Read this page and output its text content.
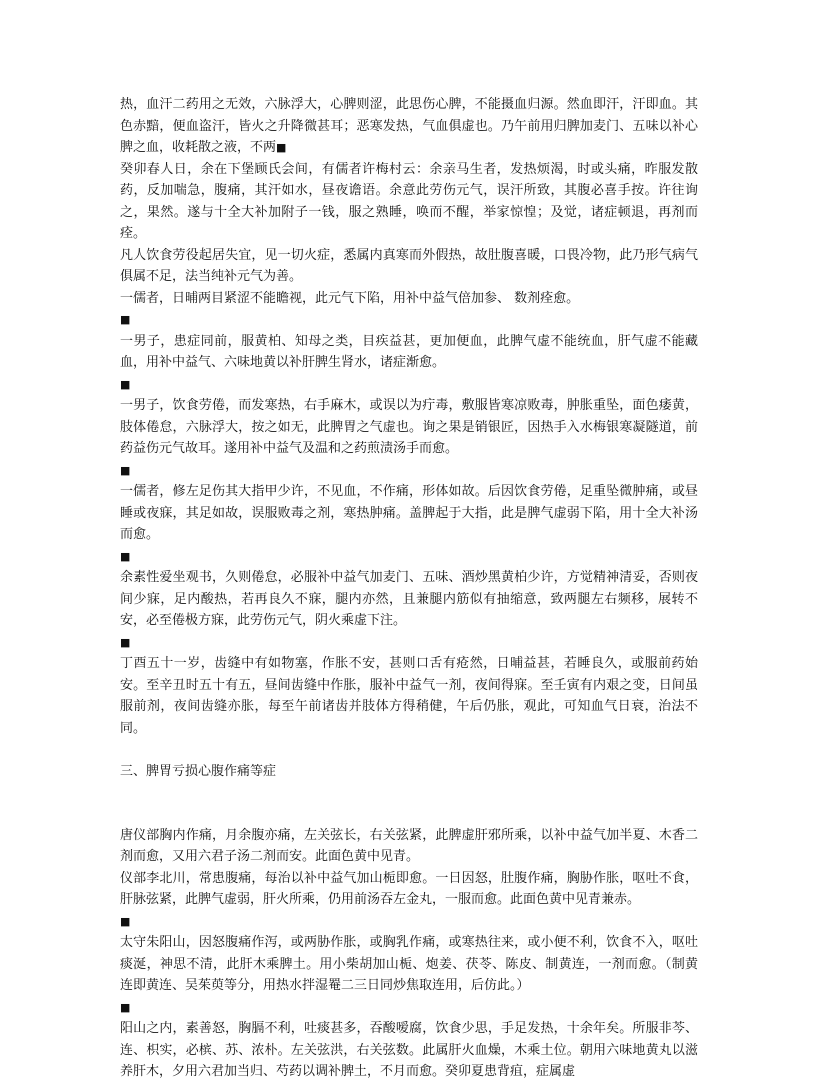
热，血汗二药用之无效，六脉浮大，心脾则涩，此思伤心脾，不能摄血归源。然血即汗，汗即血。其色赤黯，便血盗汗，皆火之升降微甚耳；恶寒发热，气血俱虚也。乃午前用归脾加麦门、五味以补心脾之血，收耗散之液，不两■

癸卯春人日，余在下堡顾氏会间，有儒者许梅村云：余亲马生者，发热烦渴，时或头痛，昨服发散药，反加喘急，腹痛，其汗如水，昼夜谵语。余意此劳伤元气，误汗所致，其腹必喜手按。许往询之，果然。遂与十全大补加附子一钱，服之熟睡，唤而不醒，举家惊惶；及觉，诸症顿退，再剂而痊。

凡人饮食劳役起居失宜，见一切火症，悉属内真寒而外假热，故肚腹喜暖，口畏冷物，此乃形气病气俱属不足，法当纯补元气为善。

一儒者，日晡两目紧涩不能瞻视，此元气下陷，用补中益气倍加参、 数剂痊愈。

■

一男子，患症同前，服黄柏、知母之类，目疾益甚，更加便血，此脾气虚不能统血，肝气虚不能藏血，用补中益气、六味地黄以补肝脾生肾水，诸症渐愈。

■

一男子，饮食劳倦，而发寒热，右手麻木，或误以为疔毒，敷服皆寒凉败毒，肿胀重坠，面色痿黄，肢体倦怠，六脉浮大，按之如无，此脾胃之气虚也。询之果是销银匠，因热手入水梅银寒凝隧道，前药益伤元气故耳。遂用补中益气及温和之药煎渍汤手而愈。

■

一儒者，修左足伤其大指甲少许，不见血，不作痛，形体如故。后因饮食劳倦，足重坠微肿痛，或昼睡或夜寐，其足如故，误服败毒之剂，寒热肿痛。盖脾起于大指，此是脾气虚弱下陷，用十全大补汤而愈。

■

余素性爱坐观书，久则倦怠，必服补中益气加麦门、五味、酒炒黑黄柏少许，方觉精神清妥，否则夜间少寐，足内酸热，若再良久不寐，腿内亦然，且兼腿内筋似有抽缩意，致两腿左右频移，展转不安，必至倦极方寐，此劳伤元气，阴火乘虚下注。

■

丁酉五十一岁，齿缝中有如物塞，作胀不安，甚则口舌有疮然，日晡益甚，若睡良久，或服前药始安。至辛丑时五十有五，昼间齿缝中作胀，服补中益气一剂，夜间得寐。至壬寅有内艰之变，日间虽服前剂，夜间齿缝亦胀，每至午前诸齿并肢体方得稍健，午后仍胀，观此，可知血气日衰，治法不同。

三、脾胃亏损心腹作痛等症

唐仪部胸内作痛，月余腹亦痛，左关弦长，右关弦紧，此脾虚肝邪所乘，以补中益气加半夏、木香二剂而愈，又用六君子汤二剂而安。此面色黄中见青。

仪部李北川，常患腹痛，每治以补中益气加山栀即愈。一日因怒，肚腹作痛，胸胁作胀，呕吐不食，肝脉弦紧，此脾气虚弱，肝火所乘，仍用前汤吞左金丸，一服而愈。此面色黄中见青兼赤。

■

太守朱阳山，因怒腹痛作泻，或两胁作胀，或胸乳作痛，或寒热往来，或小便不利，饮食不入，呕吐痰涎，神思不清，此肝木乘脾土。用小柴胡加山栀、炮姜、茯苓、陈皮、制黄连，一剂而愈。（制黄连即黄连、吴茱萸等分，用热水拌湿罨二三日同炒焦取连用，后仿此。）

■

阳山之内，素善怒，胸膈不利，吐痰甚多，吞酸嗳腐，饮食少思，手足发热，十余年矣。所服非芩、连、枳实，必槟、苏、浓朴。左关弦洪，右关弦数。此属肝火血燥，木乘土位。朝用六味地黄丸以滋养肝木，夕用六君加当归、芍药以调补脾土，不月而愈。癸卯夏患背疽，症属虚
